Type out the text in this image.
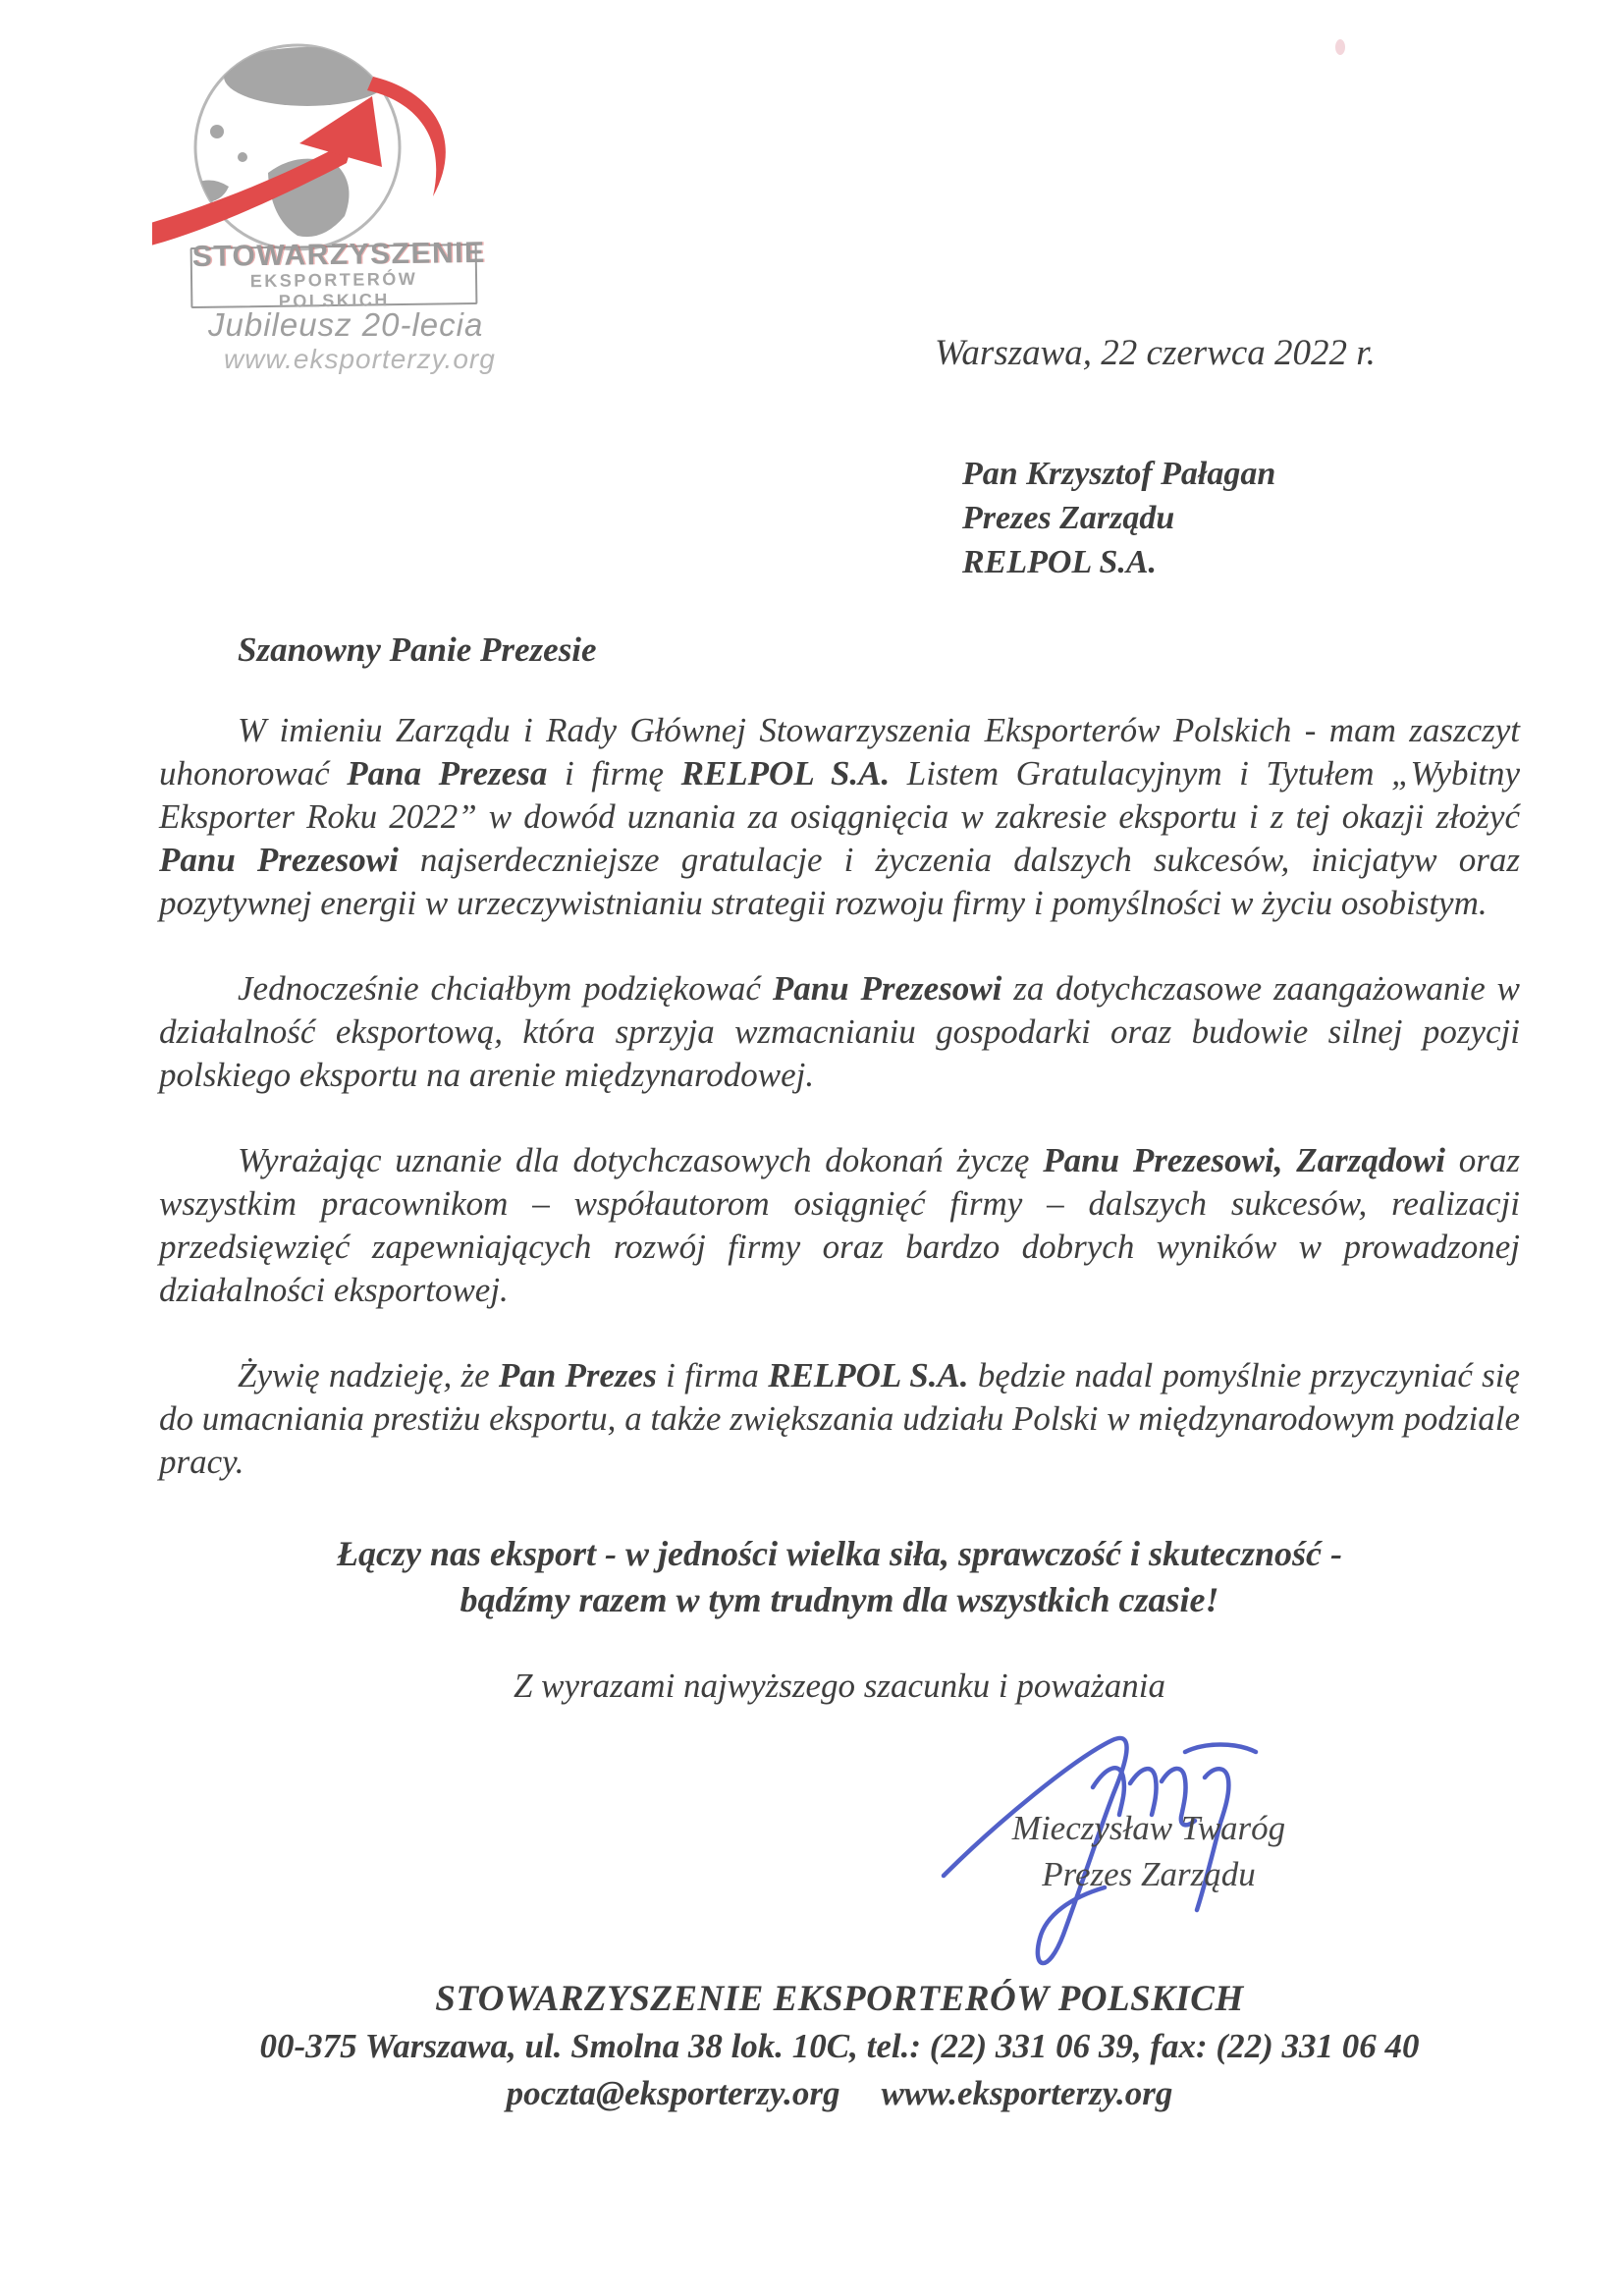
STOWARZYSZENIE
EKSPORTERÓW POLSKICH
Jubileusz 20-lecia
www.eksporterzy.org	Warszawa, 22 czerwca 2022 r.
Pan Krzysztof Pałagan
Prezes Zarządu
RELPOL S.A.
Szanowny Panie Prezesie

W imieniu Zarządu i Rady Głównej Stowarzyszenia Eksporterów Polskich - mam zaszczyt uhonorować Pana Prezesa i firmę RELPOL S.A. Listem Gratulacyjnym i Tytułem „Wybitny Eksporter Roku 2022” w dowód uznania za osiągnięcia w zakresie eksportu i z tej okazji złożyć Panu Prezesowi najserdeczniejsze gratulacje i życzenia dalszych sukcesów, inicjatyw oraz pozytywnej energii w urzeczywistnianiu strategii rozwoju firmy i pomyślności w życiu osobistym.

Jednocześnie chciałbym podziękować Panu Prezesowi za dotychczasowe zaangażowanie w działalność eksportową, która sprzyja wzmacnianiu gospodarki oraz budowie silnej pozycji polskiego eksportu na arenie międzynarodowej.

Wyrażając uznanie dla dotychczasowych dokonań życzę Panu Prezesowi, Zarządowi oraz wszystkim pracownikom – współautorom osiągnięć firmy – dalszych sukcesów, realizacji przedsięwzięć zapewniających rozwój firmy oraz bardzo dobrych wyników w prowadzonej działalności eksportowej.

Żywię nadzieję, że Pan Prezes i firma RELPOL S.A. będzie nadal pomyślnie przyczyniać się do umacniania prestiżu eksportu, a także zwiększania udziału Polski w międzynarodowym podziale pracy.

Łączy nas eksport - w jedności wielka siła, sprawczość i skuteczność -
bądźmy razem w tym trudnym dla wszystkich czasie!
Z wyrazami najwyższego szacunku i poważania
Mieczysław Twaróg
Prezes Zarządu
STOWARZYSZENIE EKSPORTERÓW POLSKICH
00-375 Warszawa, ul. Smolna 38 lok. 10C, tel.: (22) 331 06 39, fax: (22) 331 06 40
poczta@eksporterzy.org www.eksporterzy.org
